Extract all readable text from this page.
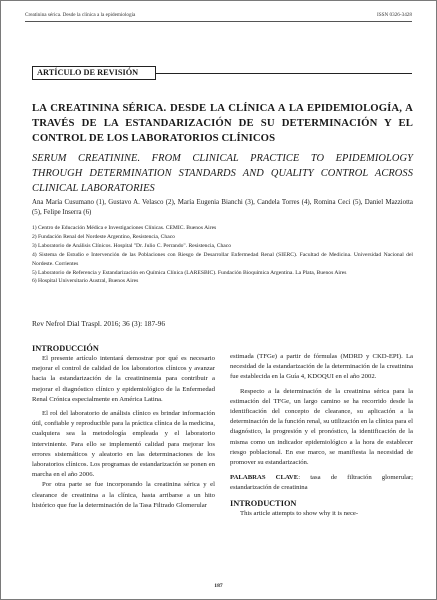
Creatinina sérica. Desde la clínica a la epidemiología	ISSN 0326-3428
ARTÍCULO DE REVISIÓN
LA CREATININA SÉRICA. DESDE LA CLÍNICA A LA EPIDEMIOLOGÍA, A TRAVÉS DE LA ESTANDARIZACIÓN DE SU DETERMINACIÓN Y EL CONTROL DE LOS LABORATORIOS CLÍNICOS
SERUM CREATININE. FROM CLINICAL PRACTICE TO EPIDEMIOLOGY THROUGH DETERMINATION STANDARDS AND QUALITY CONTROL ACROSS CLINICAL LABORATORIES
Ana María Cusumano (1), Gustavo A. Velasco (2), María Eugenia Bianchi (3), Candela Torres (4), Romina Ceci (5), Daniel Mazziotta (5), Felipe Inserra (6)
1) Centro de Educación Médica e Investigaciones Clínicas. CEMIC. Buenos Aires
2) Fundación Renal del Nordeste Argentino, Resistencia, Chaco
3) Laboratorio de Análisis Clínicos. Hospital "Dr. Julio C. Perrando". Resistencia, Chaco
4) Sistema de Estudio e Intervención de las Poblaciones con Riesgo de Desarrollar Enfermedad Renal (SIERC). Facultad de Medicina. Universidad Nacional del Nordeste. Corrientes
5) Laboratorio de Referencia y Estandarización en Química Clínica (LARESBIC). Fundación Bioquímica Argentina. La Plata, Buenos Aires
6) Hospital Universitario Austral, Buenos Aires
Rev Nefrol Dial Traspl. 2016; 36 (3): 187-96
INTRODUCCIÓN
El presente artículo intentará demostrar por qué es necesario mejorar el control de calidad de los laboratorios clínicos y avanzar hacia la estandarización de la creatininemia para contribuir a mejorar el diagnóstico clínico y epidemiológico de la Enfermedad Renal Crónica especialmente en América Latina.
El rol del laboratorio de análisis clínico es brindar información útil, confiable y reproducible para la práctica clínica de la medicina, cualquiera sea la metodología empleada y el laboratorio interviniente. Para ello se implementó calidad para mejorar los errores sistemáticos y aleatorio en las determinaciones de los laboratorios clínicos. Los programas de estandarización se ponen en marcha en el año 2006.
Por otra parte se fue incorporando la creatinina sérica y el clearance de creatinina a la clínica, hasta arribarse a un hito histórico que fue la determinación de la Tasa Filtrado Glomerular
estimada (TFGe) a partir de fórmulas (MDRD y CKD-EPI). La necesidad de la estandarización de la determinación de la creatinina fue establecida en la Guía 4, KDOQUI en el año 2002.
Respecto a la determinación de la creatinina sérica para la estimación del TFGe, un largo camino se ha recorrido desde la identificación del concepto de clearance, su aplicación a la determinación de la función renal, su utilización en la clínica para el diagnóstico, la progresión y el pronóstico, la identificación de la misma como un indicador epidemiológico a la hora de establecer riesgo poblacional. En ese marco, se manifiesta la necesidad de promover su estandarización.
PALABRAS CLAVE: tasa de filtración glomerular; estandarización de creatinina
INTRODUCTION
This article attempts to show why it is nece-
187
